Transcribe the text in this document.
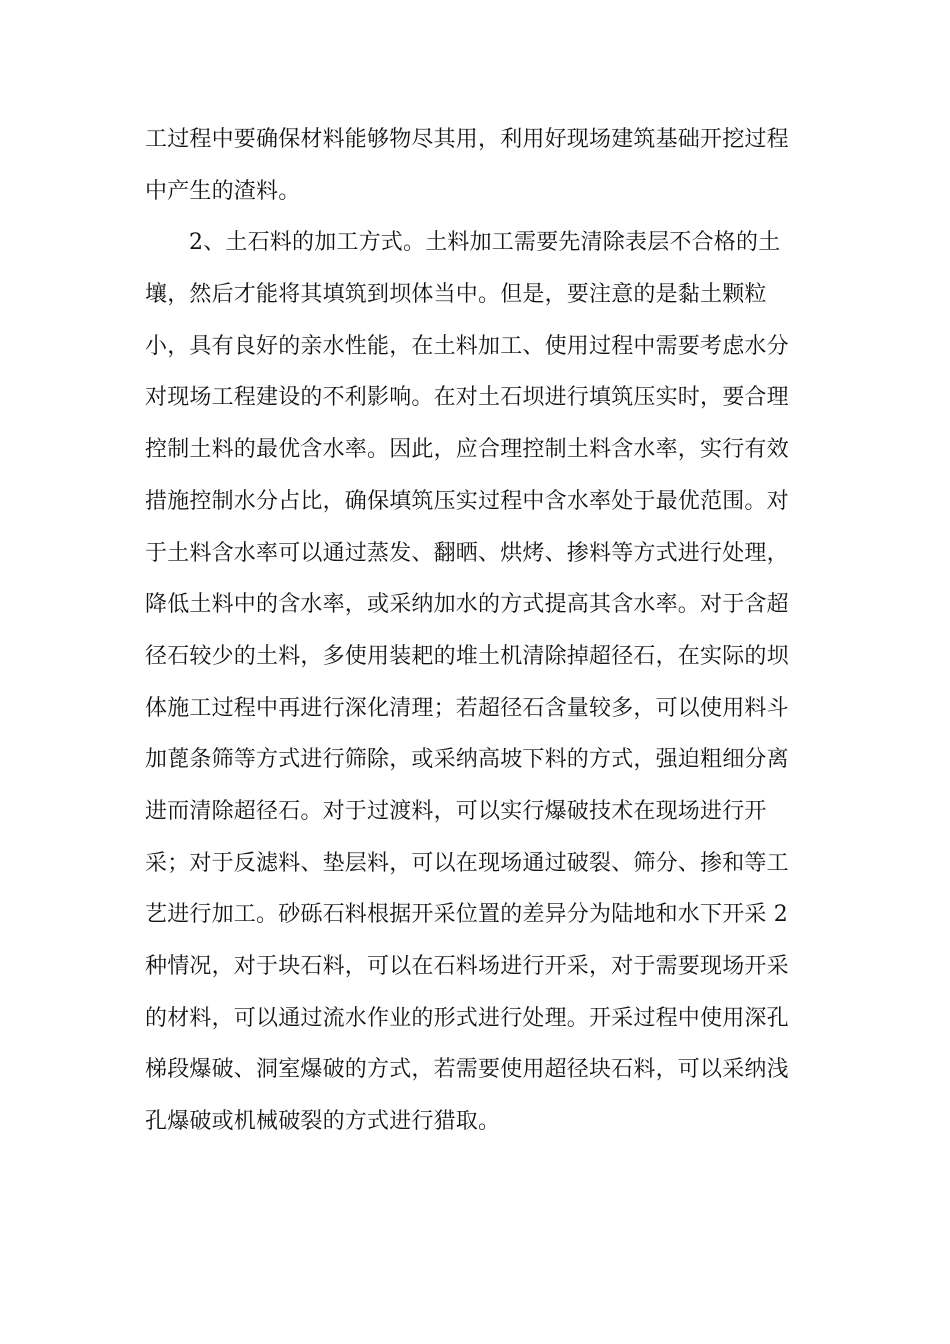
工过程中要确保材料能够物尽其用，利用好现场建筑基础开挖过程
中产生的渣料。
2、土石料的加工方式。土料加工需要先清除表层不合格的土
壤，然后才能将其填筑到坝体当中。但是，要注意的是黏土颗粒
小，具有良好的亲水性能，在土料加工、使用过程中需要考虑水分
对现场工程建设的不利影响。在对土石坝进行填筑压实时，要合理
控制土料的最优含水率。因此，应合理控制土料含水率，实行有效
措施控制水分占比，确保填筑压实过程中含水率处于最优范围。对
于土料含水率可以通过蒸发、翻晒、烘烤、掺料等方式进行处理，
降低土料中的含水率，或采纳加水的方式提高其含水率。对于含超
径石较少的土料，多使用装耙的堆土机清除掉超径石，在实际的坝
体施工过程中再进行深化清理；若超径石含量较多，可以使用料斗
加蓖条筛等方式进行筛除，或采纳高坡下料的方式，强迫粗细分离
进而清除超径石。对于过渡料，可以实行爆破技术在现场进行开
采；对于反滤料、垫层料，可以在现场通过破裂、筛分、掺和等工
艺进行加工。砂砾石料根据开采位置的差异分为陆地和水下开采 2
种情况，对于块石料，可以在石料场进行开采，对于需要现场开采
的材料，可以通过流水作业的形式进行处理。开采过程中使用深孔
梯段爆破、洞室爆破的方式，若需要使用超径块石料，可以采纳浅
孔爆破或机械破裂的方式进行猎取。
